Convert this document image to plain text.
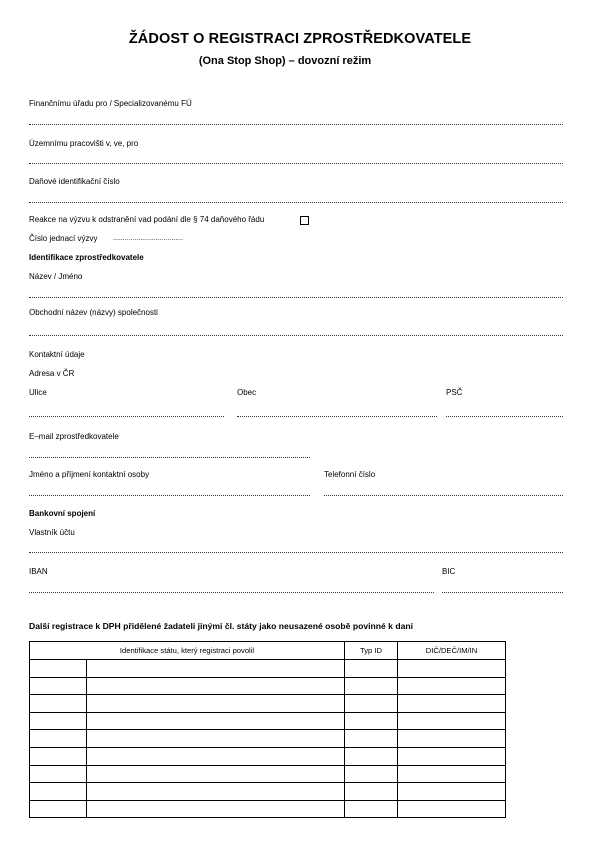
ŽÁDOST O REGISTRACI ZPROSTŘEDKOVATELE
(Ona Stop Shop) – dovozní režim
Finančnímu úřadu pro / Specializovanému FÚ
Územnímu pracovišti v, ve, pro
Daňové identifikační číslo
Reakce na výzvu k odstranění vad podání dle § 74 daňového řádu
Číslo jednací výzvy ....................................
Identifikace zprostředkovatele
Název / Jméno
Obchodní název (názvy) společnosti
Kontaktní údaje
Adresa v ČR
Ulice	Obec	PSČ
E–mail zprostředkovatele
Jméno a příjmení kontaktní osoby	Telefonní číslo
Bankovní spojení
Vlastník účtu
IBAN	BIC
Další registrace k DPH přidělené žadateli jinými čl. státy jako neusazené osobě povinné k dani
Identifikace státu, který registraci povolil		Typ ID	DIČ/DEČ/IM/IN
